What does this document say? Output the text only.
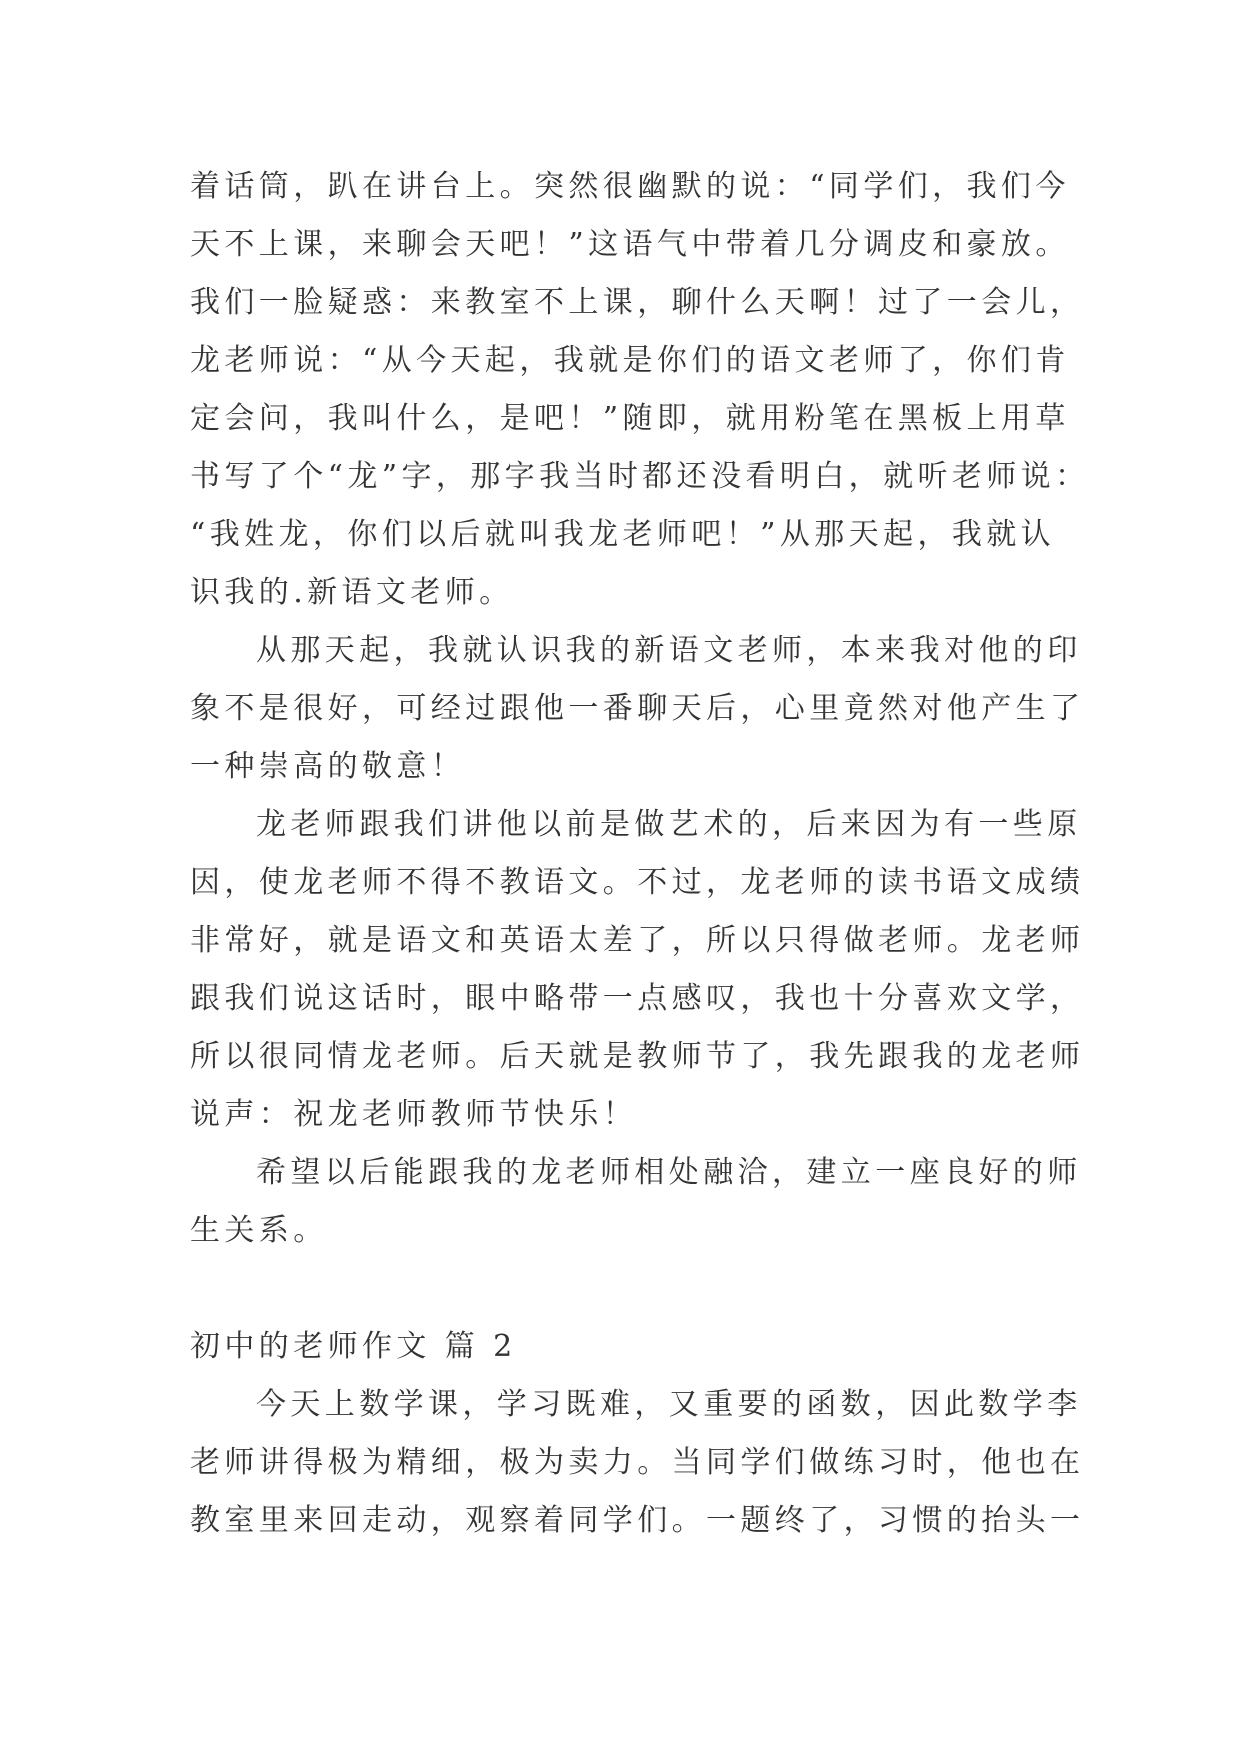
着话筒，趴在讲台上。突然很幽默的说：“同学们，我们今
天不上课，来聊会天吧！”这语气中带着几分调皮和豪放。
我们一脸疑惑：来教室不上课，聊什么天啊！过了一会儿，
龙老师说：“从今天起，我就是你们的语文老师了，你们肯
定会问，我叫什么，是吧！”随即，就用粉笔在黑板上用草
书写了个“龙”字，那字我当时都还没看明白，就听老师说：
“我姓龙，你们以后就叫我龙老师吧！”从那天起，我就认
识我的.新语文老师。
从那天起，我就认识我的新语文老师，本来我对他的印
象不是很好，可经过跟他一番聊天后，心里竟然对他产生了
一种崇高的敬意！
龙老师跟我们讲他以前是做艺术的，后来因为有一些原
因，使龙老师不得不教语文。不过，龙老师的读书语文成绩
非常好，就是语文和英语太差了，所以只得做老师。龙老师
跟我们说这话时，眼中略带一点感叹，我也十分喜欢文学，
所以很同情龙老师。后天就是教师节了，我先跟我的龙老师
说声：祝龙老师教师节快乐！
希望以后能跟我的龙老师相处融洽，建立一座良好的师
生关系。
初中的老师作文 篇 2
今天上数学课，学习既难，又重要的函数，因此数学李
老师讲得极为精细，极为卖力。当同学们做练习时，他也在
教室里来回走动，观察着同学们。一题终了，习惯的抬头一
